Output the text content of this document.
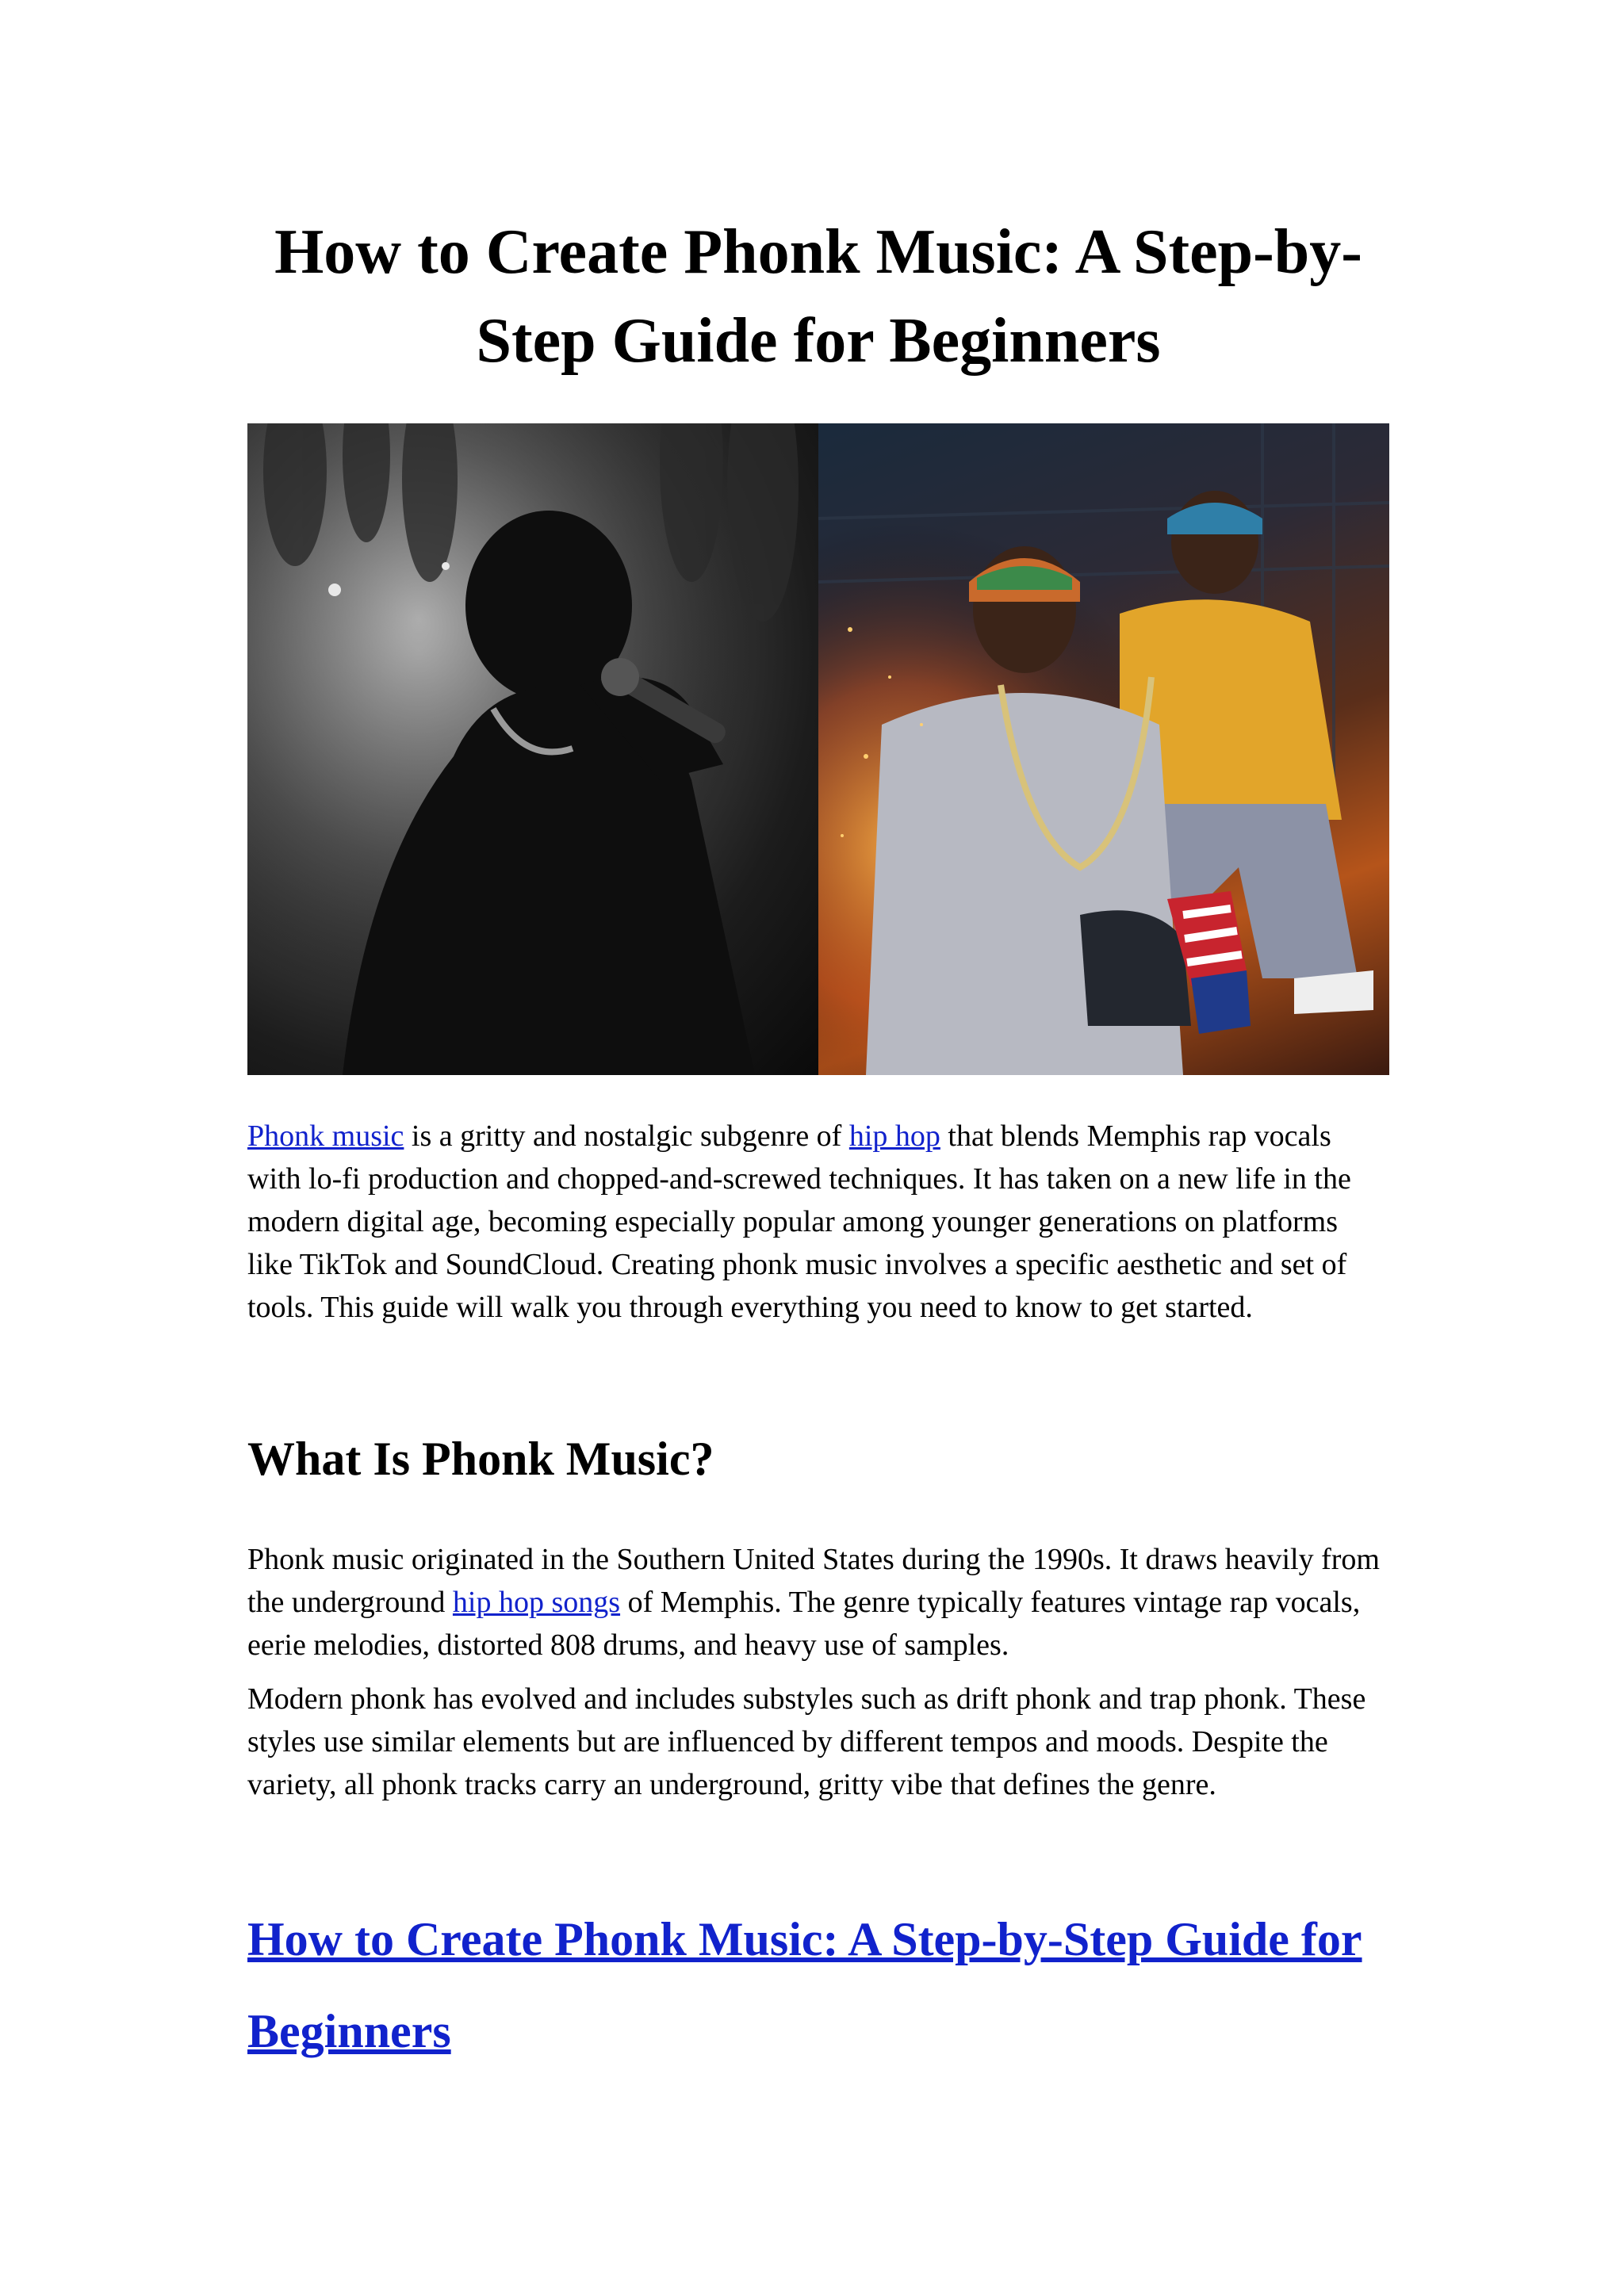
How to Create Phonk Music: A Step-by-Step Guide for Beginners

Phonk music is a gritty and nostalgic subgenre of hip hop that blends Memphis rap vocals with lo-fi production and chopped-and-screwed techniques. It has taken on a new life in the modern digital age, becoming especially popular among younger generations on platforms like TikTok and SoundCloud. Creating phonk music involves a specific aesthetic and set of tools. This guide will walk you through everything you need to know to get started.

What Is Phonk Music?

Phonk music originated in the Southern United States during the 1990s. It draws heavily from the underground hip hop songs of Memphis. The genre typically features vintage rap vocals, eerie melodies, distorted 808 drums, and heavy use of samples.

Modern phonk has evolved and includes substyles such as drift phonk and trap phonk. These styles use similar elements but are influenced by different tempos and moods. Despite the variety, all phonk tracks carry an underground, gritty vibe that defines the genre.

How to Create Phonk Music: A Step-by-Step Guide for Beginners
